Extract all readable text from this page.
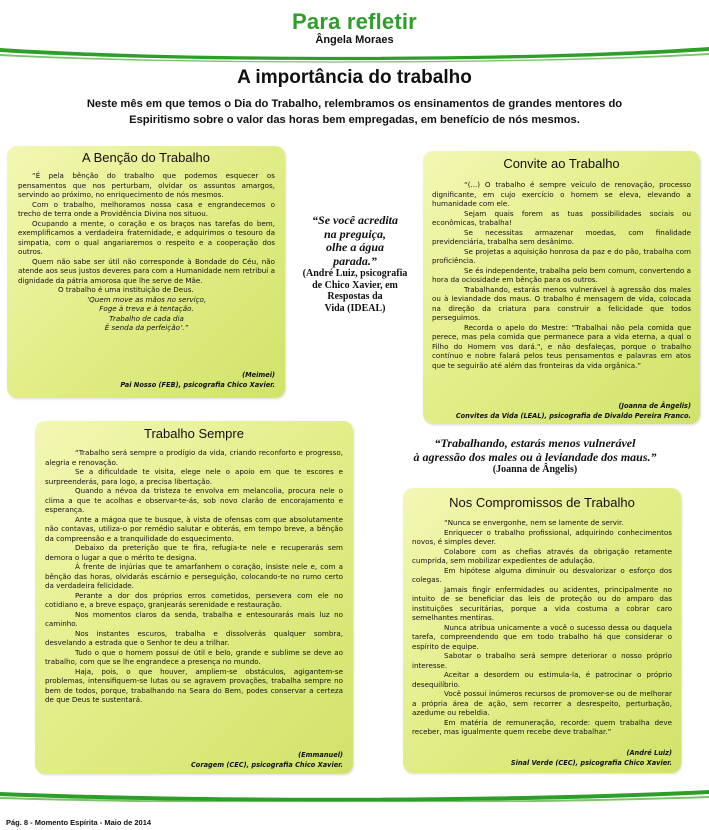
Para refletir
Ângela Moraes
A importância do trabalho
Neste mês em que temos o Dia do Trabalho, relembramos os ensinamentos de grandes mentores do Espiritismo sobre o valor das horas bem empregadas, em benefício de nós mesmos.
A Benção do Trabalho

“É pela bênção do trabalho que podemos esquecer os pensamentos que nos perturbam, olvidar os assuntos amargos, servindo ao próximo, no enriquecimento de nós mesmos.

Com o trabalho, melhoramos nossa casa e engrandecemos o trecho de terra onde a Providência Divina nos situou.

Ocupando a mente, o coração e os braços nas tarefas do bem, exemplificamos a verdadeira fraternidade, e adquirimos o tesouro da simpatia, com o qual angariaremos o respeito e a cooperação dos outros.

Quem não sabe ser útil não corresponde à Bondade do Céu, não atende aos seus justos deveres para com a Humanidade nem retribui a dignidade da pátria amorosa que lhe serve de Mãe.

O trabalho é uma instituição de Deus.

‘Quem move as mãos no serviço,

Foge à treva e à tentação.

Trabalho de cada dia

É senda da perfeição’.”

(Meimei)
Pai Nosso (FEB), psicografia Chico Xavier.
“Se você acredita
na preguiça,
olhe a água
parada.”
(André Luiz, psicografia
de Chico Xavier, em
Respostas da
Vida (IDEAL)
Convite ao Trabalho

“(...) O trabalho é sempre veículo de renovação, processo dignificante, em cujo exercício o homem se eleva, elevando a humanidade com ele.

Sejam quais forem as tuas possibilidades sociais ou econômicas, trabalha!

Se necessitas armazenar moedas, com finalidade previdenciária, trabalha sem desânimo.

Se projetas a aquisição honrosa da paz e do pão, trabalha com proficiência.

Se és independente, trabalha pelo bem comum, convertendo a hora da ociosidade em bênção para os outros.

Trabalhando, estarás menos vulnerável à agressão dos males ou à leviandade dos maus. O trabalho é mensagem de vida, colocada na direção da criatura para construir a felicidade que todos perseguimos.

Recorda o apelo do Mestre: "Trabalhai não pela comida que perece, mas pela comida que permanece para a vida eterna, a qual o Filho do Homem vos dará.", e não desfaleças, porque o trabalho contínuo e nobre falará pelos teus pensamentos e palavras em atos que te seguirão até além das fronteiras da vida orgânica.”

(Joanna de Ângelis)
Convites da Vida (LEAL), psicografia de Divaldo Pereira Franco.
Trabalho Sempre

“Trabalho será sempre o prodígio da vida, criando reconforto e progresso, alegria e renovação.

Se a dificuldade te visita, elege nele o apoio em que te escores e surpreenderás, para logo, a precisa libertação.

Quando a névoa da tristeza te envolva em melancolia, procura nele o clima a que te acolhas e observar-te-ás, sob novo clarão de encorajamento e esperança.

Ante a mágoa que te busque, à vista de ofensas com que absolutamente não contavas, utiliza-o por remédio salutar e obterás, em tempo breve, a bênção da compreensão e a tranquilidade do esquecimento.

Debaixo da preterição que te fira, refugia-te nele e recuperarás sem demora o lugar a que o mérito te designa.

À frente de injúrias que te amarfanhem o coração, insiste nele e, com a bênção das horas, olvidarás escárnio e perseguição, colocando-te no rumo certo da verdadeira felicidade.

Perante a dor dos próprios erros cometidos, persevera com ele no cotidiano e, a breve espaço, granjearás serenidade e restauração.

Nos momentos claros da senda, trabalha e entesourarás mais luz no caminho.

Nos instantes escuros, trabalha e dissolverás qualquer sombra, desvelando a estrada que o Senhor te deu a trilhar.

Tudo o que o homem possui de útil e belo, grande e sublime se deve ao trabalho, com que se lhe engrandece a presença no mundo.

Haja, pois, o que houver, ampliem-se obstáculos, agigantem-se problemas, intensifiquem-se lutas ou se agravem provações, trabalha sempre no bem de todos, porque, trabalhando na Seara do Bem, podes conservar a certeza de que Deus te sustentará.

(Emmanuel)
Coragem (CEC), psicografia Chico Xavier.
“Trabalhando, estarás menos vulnerável
à agressão dos males ou à leviandade dos maus.”
(Joanna de Ângelis)
Nos Compromissos de Trabalho

“Nunca se envergonhe, nem se lamente de servir.

Enriquecer o trabalho profissional, adquirindo conhecimentos novos, é simples dever.

Colabore com as chefias através da obrigação retamente cumprida, sem mobilizar expedientes de adulação.

Em hipótese alguma diminuir ou desvalorizar o esforço dos colegas.

Jamais fingir enfermidades ou acidentes, principalmente no intuito de se beneficiar das leis de proteção ou do amparo das instituições securitárias, porque a vida costuma a cobrar caro semelhantes mentiras.

Nunca atribua unicamente a você o sucesso dessa ou daquela tarefa, compreendendo que em todo trabalho há que considerar o espírito de equipe.

Sabotar o trabalho será sempre deteriorar o nosso próprio interesse.

Aceitar a desordem ou estimula-la, é patrocinar o próprio desequilíbrio.

Você possui inúmeros recursos de promover-se ou de melhorar a própria área de ação, sem recorrer a desrespeito, perturbação, azedume ou rebeldia.

Em matéria de remuneração, recorde: quem trabalha deve receber, mas igualmente quem recebe deve trabalhar.”

(André Luiz)
Sinal Verde (CEC), psicografia Chico Xavier.
Pág. 8 - Momento Espírita - Maio de 2014
